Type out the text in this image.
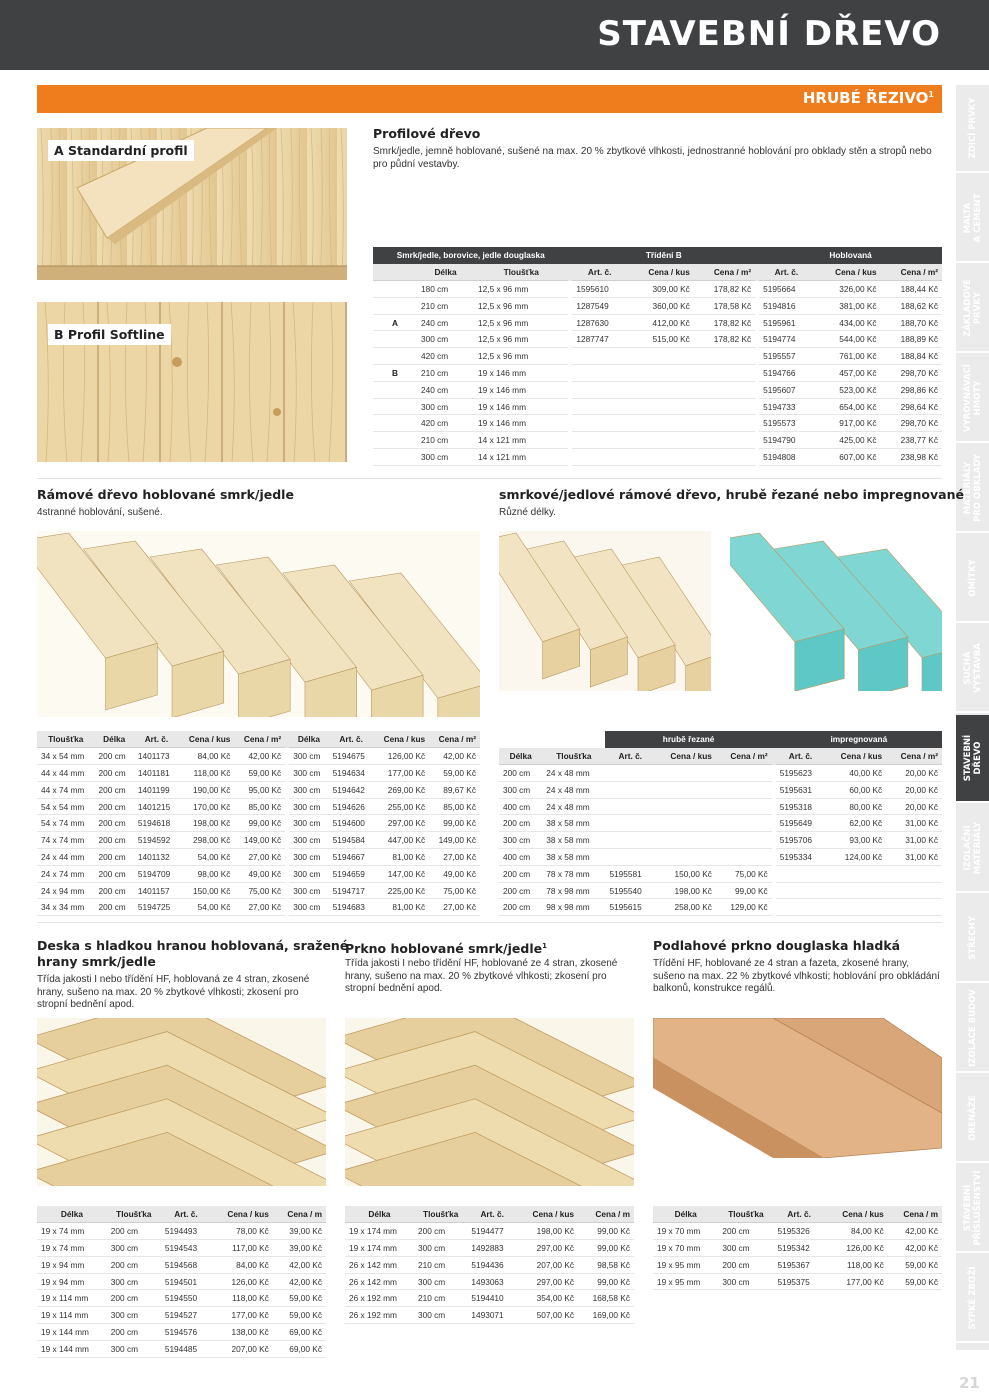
STAVEBNÍ DŘEVO
HRUBÉ ŘEZIVO$^1$
ZDICÍ PRVKY
MALTA
A CEMENT
ZÁKLADOVÉ
PRVKY
VYROVNÁVACÍ
HMOTY
MATERIÁLY
PRO OBKLADY
OMÍTKY
SUCHÁ
VÝSTAVBA
STAVEBNÍ
DŘEVO
IZOLAČNÍ
MATERIÁLY
STŘECHY
IZOLACE BUDOV
DRENÁŽE
STAVEBNÍ
PŘÍSLUŠENSTVÍ
SYPKÉ ZBOŽÍ
21
A Standardní profil
B Profil Softline
Profilové dřevo

Smrk/jedle, jemně hoblované, sušené na max. 20 % zbytkové vlhkosti, jednostranné hoblování pro obklady stěn a stropů nebo pro půdní vestavby.

Smrk/jedle, borovice, jedle douglaska				Třídění B				Hoblovaná		
	Délka	Tloušťka		Art. č.	Cena / kus	Cena / m²		Art. č.	Cena / kus	Cena / m²
	180 cm	12,5 x 96 mm		1595610	309,00 Kč	178,82 Kč		5195664	326,00 Kč	188,44 Kč
	210 cm	12,5 x 96 mm		1287549	360,00 Kč	178,58 Kč		5194816	381,00 Kč	188,62 Kč
A	240 cm	12,5 x 96 mm		1287630	412,00 Kč	178,82 Kč		5195961	434,00 Kč	188,70 Kč
	300 cm	12,5 x 96 mm		1287747	515,00 Kč	178,82 Kč		5194774	544,00 Kč	188,89 Kč
	420 cm	12,5 x 96 mm						5195557	761,00 Kč	188,84 Kč
B	210 cm	19 x 146 mm						5194766	457,00 Kč	298,70 Kč
	240 cm	19 x 146 mm						5195607	523,00 Kč	298,86 Kč
	300 cm	19 x 146 mm						5194733	654,00 Kč	298,64 Kč
	420 cm	19 x 146 mm						5195573	917,00 Kč	298,70 Kč
	210 cm	14 x 121 mm						5194790	425,00 Kč	238,77 Kč
	300 cm	14 x 121 mm						5194808	607,00 Kč	238,98 Kč
Rámové dřevo hoblované smrk/jedle

4stranné hoblování, sušené.

smrkové/jedlové rámové dřevo, hrubě řezané nebo impregnované

Různé délky.

Tloušťka	Délka	Art. č.	Cena / kus	Cena / m²		Délka	Art. č.	Cena / kus	Cena / m²
34 x 54 mm	200 cm	1401173	84,00 Kč	42,00 Kč		300 cm	5194675	126,00 Kč	42,00 Kč
44 x 44 mm	200 cm	1401181	118,00 Kč	59,00 Kč		300 cm	5194634	177,00 Kč	59,00 Kč
44 x 74 mm	200 cm	1401199	190,00 Kč	95,00 Kč		300 cm	5194642	269,00 Kč	89,67 Kč
54 x 54 mm	200 cm	1401215	170,00 Kč	85,00 Kč		300 cm	5194626	255,00 Kč	85,00 Kč
54 x 74 mm	200 cm	5194618	198,00 Kč	99,00 Kč		300 cm	5194600	297,00 Kč	99,00 Kč
74 x 74 mm	200 cm	5194592	298,00 Kč	149,00 Kč		300 cm	5194584	447,00 Kč	149,00 Kč
24 x 44 mm	200 cm	1401132	54,00 Kč	27,00 Kč		300 cm	5194667	81,00 Kč	27,00 Kč
24 x 74 mm	200 cm	5194709	98,00 Kč	49,00 Kč		300 cm	5194659	147,00 Kč	49,00 Kč
24 x 94 mm	200 cm	1401157	150,00 Kč	75,00 Kč		300 cm	5194717	225,00 Kč	75,00 Kč
34 x 34 mm	200 cm	5194725	54,00 Kč	27,00 Kč		300 cm	5194683	81,00 Kč	27,00 Kč
		hrubě řezané				impregnovaná		
Délka	Tloušťka	Art. č.	Cena / kus	Cena / m²		Art. č.	Cena / kus	Cena / m²
200 cm	24 x 48 mm					5195623	40,00 Kč	20,00 Kč
300 cm	24 x 48 mm					5195631	60,00 Kč	20,00 Kč
400 cm	24 x 48 mm					5195318	80,00 Kč	20,00 Kč
200 cm	38 x 58 mm					5195649	62,00 Kč	31,00 Kč
300 cm	38 x 58 mm					5195706	93,00 Kč	31,00 Kč
400 cm	38 x 58 mm					5195334	124,00 Kč	31,00 Kč
200 cm	78 x 78 mm	5195581	150,00 Kč	75,00 Kč				
200 cm	78 x 98 mm	5195540	198,00 Kč	99,00 Kč				
200 cm	98 x 98 mm	5195615	258,00 Kč	129,00 Kč				
Deska s hladkou hranou hoblovaná, sražené
hrany smrk/jedle

Třída jakosti I nebo třídění HF, hoblovaná ze 4 stran, zkosené hrany, sušeno na max. 20 % zbytkové vlhkosti; zkosení pro stropní bednění apod.

Prkno hoblované smrk/jedle$^1$

Třída jakosti I nebo třídění HF, hoblované ze 4 stran, zkosené hrany, sušeno na max. 20 % zbytkové vlhkosti; zkosení pro stropní bednění apod.

Podlahové prkno douglaska hladká

Třídění HF, hoblované ze 4 stran a fazeta, zkosené hrany, sušeno na max. 22 % zbytkové vlhkosti; hoblování pro obkládání balkonů, konstrukce regálů.

Délka	Tloušťka	Art. č.	Cena / kus	Cena / m
19 x 74 mm	200 cm	5194493	78,00 Kč	39,00 Kč
19 x 74 mm	300 cm	5194543	117,00 Kč	39,00 Kč
19 x 94 mm	200 cm	5194568	84,00 Kč	42,00 Kč
19 x 94 mm	300 cm	5194501	126,00 Kč	42,00 Kč
19 x 114 mm	200 cm	5194550	118,00 Kč	59,00 Kč
19 x 114 mm	300 cm	5194527	177,00 Kč	59,00 Kč
19 x 144 mm	200 cm	5194576	138,00 Kč	69,00 Kč
19 x 144 mm	300 cm	5194485	207,00 Kč	69,00 Kč
Délka	Tloušťka	Art. č.	Cena / kus	Cena / m
19 x 174 mm	200 cm	5194477	198,00 Kč	99,00 Kč
19 x 174 mm	300 cm	1492883	297,00 Kč	99,00 Kč
26 x 142 mm	210 cm	5194436	207,00 Kč	98,58 Kč
26 x 142 mm	300 cm	1493063	297,00 Kč	99,00 Kč
26 x 192 mm	210 cm	5194410	354,00 Kč	168,58 Kč
26 x 192 mm	300 cm	1493071	507,00 Kč	169,00 Kč
Délka	Tloušťka	Art. č.	Cena / kus	Cena / m
19 x 70 mm	200 cm	5195326	84,00 Kč	42,00 Kč
19 x 70 mm	300 cm	5195342	126,00 Kč	42,00 Kč
19 x 95 mm	200 cm	5195367	118,00 Kč	59,00 Kč
19 x 95 mm	300 cm	5195375	177,00 Kč	59,00 Kč
